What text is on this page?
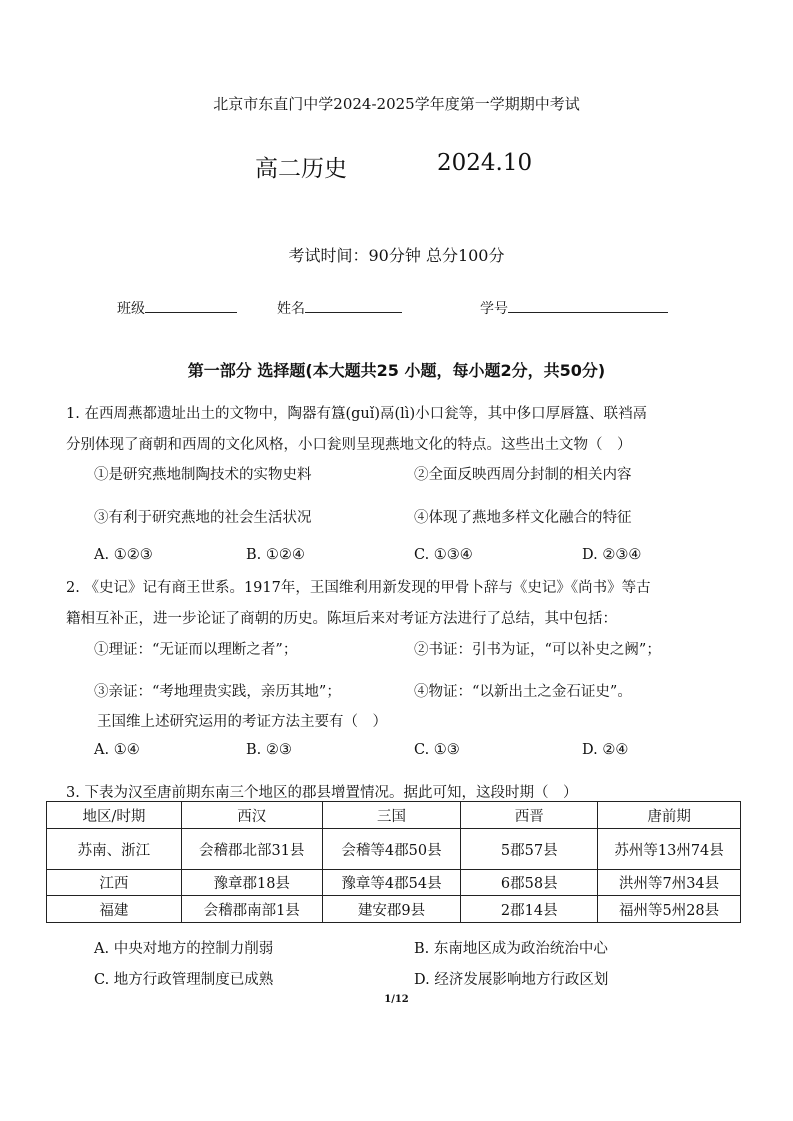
北京市东直门中学2024-2025学年度第一学期期中考试
高二历史	2024.10
考试时间：90分钟 总分100分
班级	姓名	学号
第一部分 选择题(本大题共25 小题，每小题2分，共50分)
1. 在西周燕都遗址出土的文物中，陶器有簋(guǐ)鬲(lì)小口瓮等，其中侈口厚唇簋、联裆鬲
分别体现了商朝和西周的文化风格，小口瓮则呈现燕地文化的特点。这些出土文物（　）
①是研究燕地制陶技术的实物史料	②全面反映西周分封制的相关内容
③有利于研究燕地的社会生活状况	④体现了燕地多样文化融合的特征
A. ①②③	B. ①②④	C. ①③④	D. ②③④
2. 《史记》记有商王世系。1917年，王国维利用新发现的甲骨卜辞与《史记》《尚书》等古
籍相互补正，进一步论证了商朝的历史。陈垣后来对考证方法进行了总结，其中包括：
①理证：“无证而以理断之者”；	②书证：引书为证，“可以补史之阙”；
③亲证：“考地理贵实践，亲历其地”；	④物证：“以新出土之金石证史”。
王国维上述研究运用的考证方法主要有（　）
A. ①④	B. ②③	C. ①③	D. ②④
3. 下表为汉至唐前期东南三个地区的郡县增置情况。据此可知，这段时期（　）
地区/时期	西汉	三国	西晋	唐前期
苏南、浙江	会稽郡北部31县	会稽等4郡50县	5郡57县	苏州等13州74县
江西	豫章郡18县	豫章等4郡54县	6郡58县	洪州等7州34县
福建	会稽郡南部1县	建安郡9县	2郡14县	福州等5州28县
A. 中央对地方的控制力削弱	B. 东南地区成为政治统治中心
C. 地方行政管理制度已成熟	D. 经济发展影响地方行政区划
1/12
